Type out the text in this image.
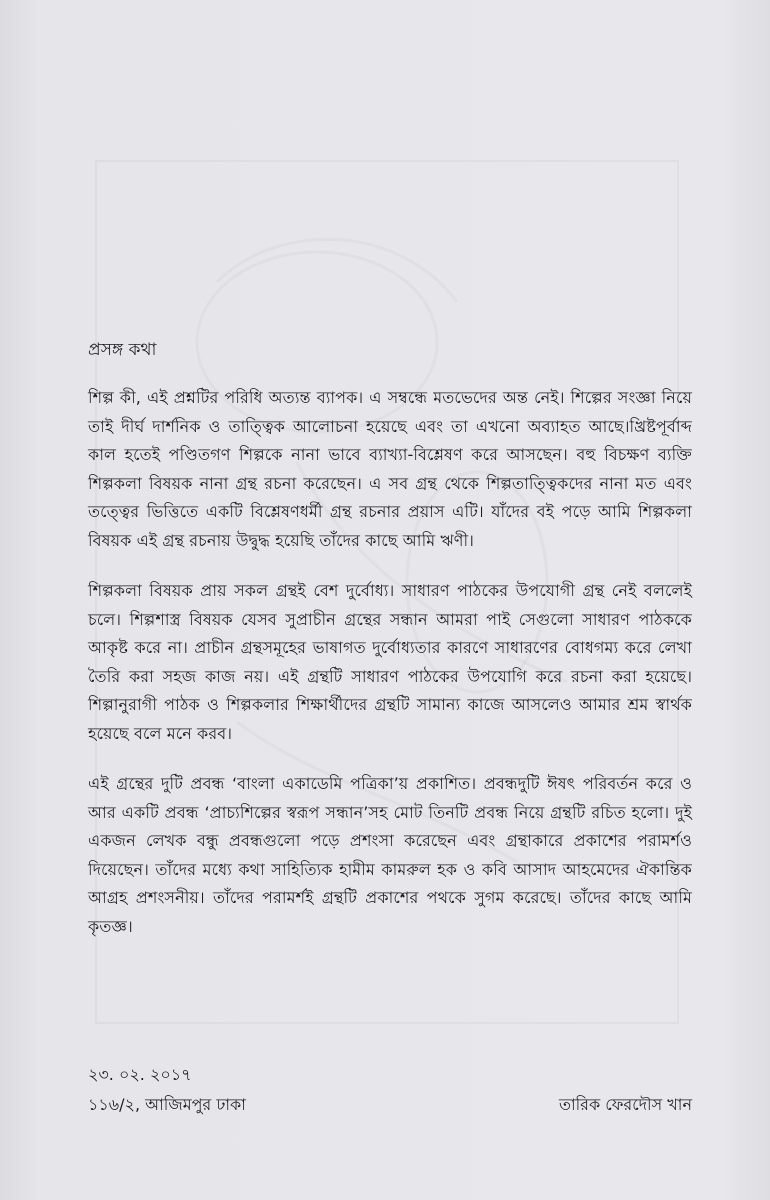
প্রসঙ্গ কথা

শিল্প কী, এই প্রশ্নটির পরিধি অত্যন্ত ব্যাপক। এ সম্বন্ধে মতভেদের অন্ত নেই। শিল্পের সংজ্ঞা নিয়ে তাই দীর্ঘ দার্শনিক ও তাত্ত্বিক আলোচনা হয়েছে এবং তা এখনো অব্যাহত আছে।খ্রিষ্টপূর্বাব্দ কাল হতেই পণ্ডিতগণ শিল্পকে নানা ভাবে ব্যাখ্যা-বিশ্লেষণ করে আসছেন। বহু বিচক্ষণ ব্যক্তি শিল্পকলা বিষয়ক নানা গ্রন্থ রচনা করেছেন। এ সব গ্রন্থ থেকে শিল্পতাত্ত্বিকদের নানা মত এবং তত্ত্বের ভিত্তিতে একটি বিশ্লেষণধর্মী গ্রন্থ রচনার প্রয়াস এটি। যাঁদের বই পড়ে আমি শিল্পকলা বিষয়ক এই গ্রন্থ রচনায় উদ্বুদ্ধ হয়েছি তাঁদের কাছে আমি ঋণী।

শিল্পকলা বিষয়ক প্রায় সকল গ্রন্থই বেশ দুর্বোধ্য। সাধারণ পাঠকের উপযোগী গ্রন্থ নেই বললেই চলে। শিল্পশাস্ত্র বিষয়ক যেসব সুপ্রাচীন গ্রন্থের সন্ধান আমরা পাই সেগুলো সাধারণ পাঠককে আকৃষ্ট করে না। প্রাচীন গ্রন্থসমূহের ভাষাগত দুর্বোধ্যতার কারণে সাধারণের বোধগম্য করে লেখা তৈরি করা সহজ কাজ নয়। এই গ্রন্থটি সাধারণ পাঠকের উপযোগি করে রচনা করা হয়েছে। শিল্পানুরাগী পাঠক ও শিল্পকলার শিক্ষার্থীদের গ্রন্থটি সামান্য কাজে আসলেও আমার শ্রম স্বার্থক হয়েছে বলে মনে করব।

এই গ্রন্থের দুটি প্রবন্ধ ‘বাংলা একাডেমি পত্রিকা’য় প্রকাশিত। প্রবন্ধদুটি ঈষৎ পরিবর্তন করে ও আর একটি প্রবন্ধ ‘প্রাচ্যশিল্পের স্বরূপ সন্ধান’সহ মোট তিনটি প্রবন্ধ নিয়ে গ্রন্থটি রচিত হলো। দুই একজন লেখক বন্ধু প্রবন্ধগুলো পড়ে প্রশংসা করেছেন এবং গ্রন্থাকারে প্রকাশের পরামর্শও দিয়েছেন। তাঁদের মধ্যে কথা সাহিত্যিক হামীম কামরুল হক ও কবি আসাদ আহমেদের ঐকান্তিক আগ্রহ প্রশংসনীয়। তাঁদের পরামর্শই গ্রন্থটি প্রকাশের পথকে সুগম করেছে। তাঁদের কাছে আমি কৃতজ্ঞ।

২৩. ০২. ২০১৭
১১৬/২, আজিমপুর ঢাকা	তারিক ফেরদৌস খান
